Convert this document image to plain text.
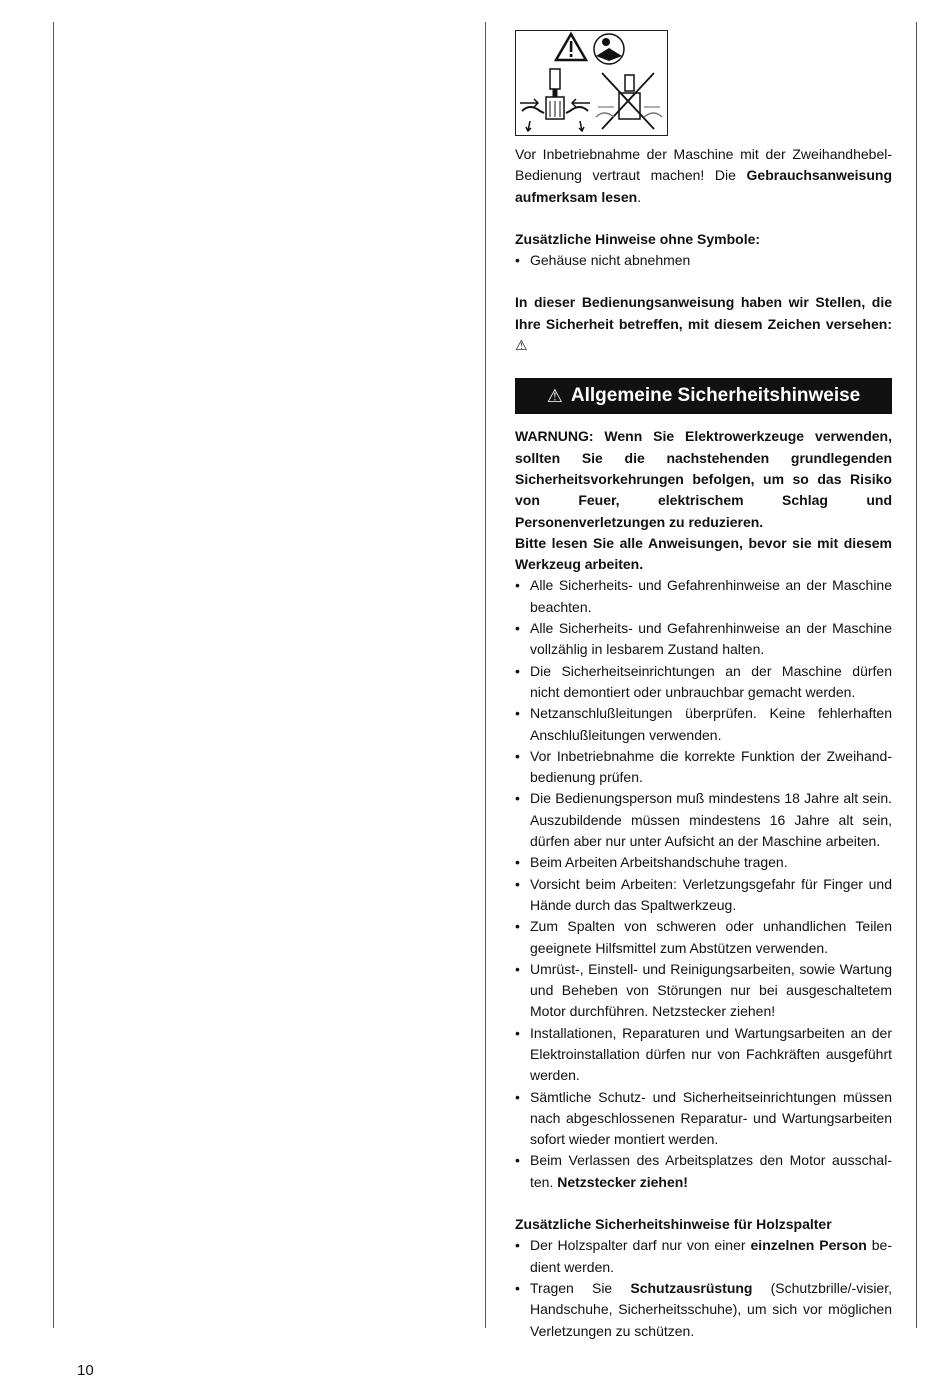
Vor Inbetriebnahme der Maschine mit der Zweihandhebel-Bedienung vertraut machen! Die Gebrauchsanweisung aufmerksam lesen.

Zusätzliche Hinweise ohne Symbole:

• Gehäuse nicht abnehmen

In dieser Bedienungsanweisung haben wir Stellen, die Ihre Sicherheit betreffen, mit diesem Zeichen versehen: ⚠

⚠ Allgemeine Sicherheitshinweise

WARNUNG: Wenn Sie Elektrowerkzeuge verwenden, sollten Sie die nachstehenden grundlegenden Sicherheitsvorkehrungen befolgen, um so das Risiko von Feuer, elektrischem Schlag und Personenverletzungen zu reduzieren.

Bitte lesen Sie alle Anweisungen, bevor sie mit diesem Werkzeug arbeiten.

• Alle Sicherheits- und Gefahrenhinweise an der Maschine beachten.
• Alle Sicherheits- und Gefahrenhinweise an der Maschine vollzählig in lesbarem Zustand halten.
• Die Sicherheitseinrichtungen an der Maschine dürfen nicht demontiert oder unbrauchbar gemacht werden.
• Netzanschlußleitungen überprüfen. Keine fehlerhaften Anschlußleitungen verwenden.
• Vor Inbetriebnahme die korrekte Funktion der Zweihandbedienung prüfen.
• Die Bedienungsperson muß mindestens 18 Jahre alt sein. Auszubildende müssen mindestens 16 Jahre alt sein, dürfen aber nur unter Aufsicht an der Maschine arbeiten.
• Beim Arbeiten Arbeitshandschuhe tragen.
• Vorsicht beim Arbeiten: Verletzungsgefahr für Finger und Hände durch das Spaltwerkzeug.
• Zum Spalten von schweren oder unhandlichen Teilen geeignete Hilfsmittel zum Abstützen verwenden.
• Umrüst-, Einstell- und Reinigungsarbeiten, sowie Wartung und Beheben von Störungen nur bei ausgeschaltetem Motor durchführen. Netzstecker ziehen!
• Installationen, Reparaturen und Wartungsarbeiten an der Elektroinstallation dürfen nur von Fachkräften ausgeführt werden.
• Sämtliche Schutz- und Sicherheitseinrichtungen müssen nach abgeschlossenen Reparatur- und Wartungsarbeiten sofort wieder montiert werden.
• Beim Verlassen des Arbeitsplatzes den Motor ausschalten. Netzstecker ziehen!

Zusätzliche Sicherheitshinweise für Holzspalter

• Der Holzspalter darf nur von einer einzelnen Person bedient werden.
• Tragen Sie Schutzausrüstung (Schutzbrille/-visier, Handschuhe, Sicherheitsschuhe), um sich vor möglichen Verletzungen zu schützen.
10
